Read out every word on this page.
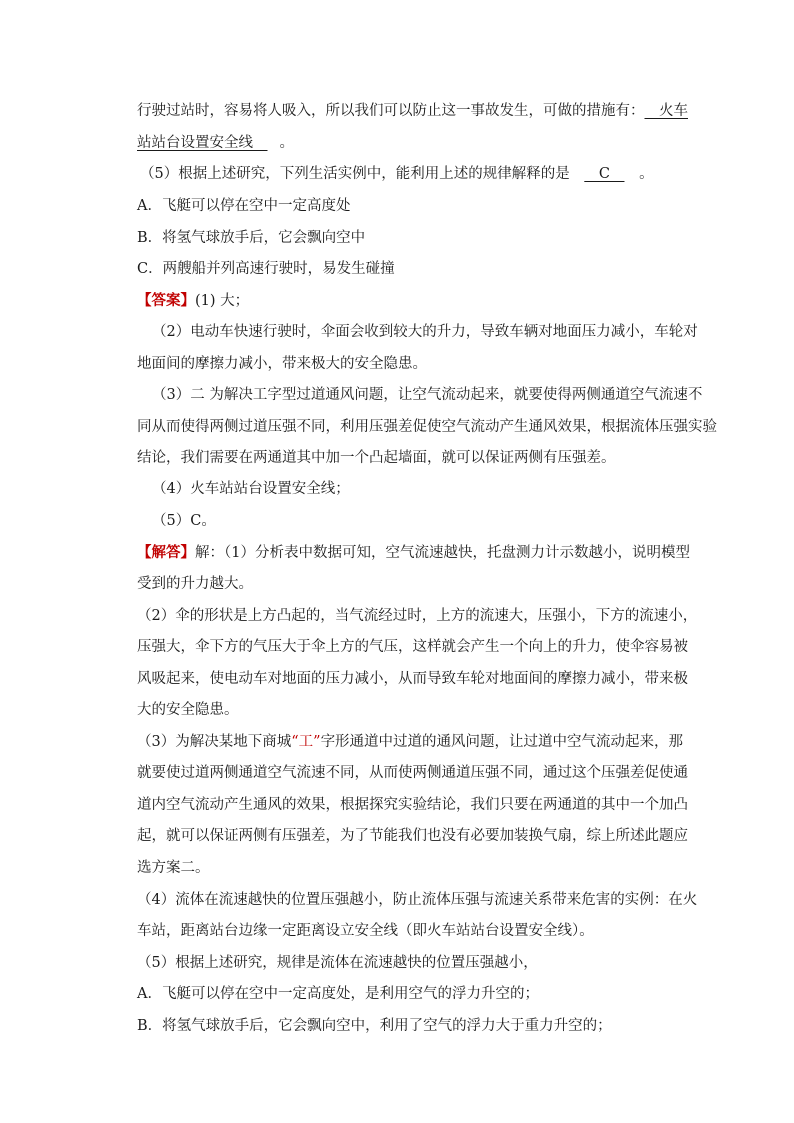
行驶过站时，容易将人吸入，所以我们可以防止这一事故发生，可做的措施有：__火车
站站台设置安全线__ 。
（5）根据上述研究，下列生活实例中，能利用上述的规律解释的是 __C__ 。
A．飞艇可以停在空中一定高度处
B．将氢气球放手后，它会飘向空中
C．两艘船并列高速行驶时，易发生碰撞
【答案】(1) 大；
（2）电动车快速行驶时，伞面会收到较大的升力，导致车辆对地面压力减小，车轮对
地面间的摩擦力减小，带来极大的安全隐患。
（3）二 为解决工字型过道通风问题，让空气流动起来，就要使得两侧通道空气流速不
同从而使得两侧过道压强不同，利用压强差促使空气流动产生通风效果，根据流体压强实验
结论，我们需要在两通道其中加一个凸起墙面，就可以保证两侧有压强差。
（4）火车站站台设置安全线；
（5）C。
【解答】解：（1）分析表中数据可知，空气流速越快，托盘测力计示数越小，说明模型
受到的升力越大。
（2）伞的形状是上方凸起的，当气流经过时，上方的流速大，压强小，下方的流速小，
压强大，伞下方的气压大于伞上方的气压，这样就会产生一个向上的升力，使伞容易被
风吸起来，使电动车对地面的压力减小，从而导致车轮对地面间的摩擦力减小，带来极
大的安全隐患。
（3）为解决某地下商城“工”字形通道中过道的通风问题，让过道中空气流动起来，那
就要使过道两侧通道空气流速不同，从而使两侧通道压强不同，通过这个压强差促使通
道内空气流动产生通风的效果，根据探究实验结论，我们只要在两通道的其中一个加凸
起，就可以保证两侧有压强差，为了节能我们也没有必要加装换气扇，综上所述此题应
选方案二。
（4）流体在流速越快的位置压强越小，防止流体压强与流速关系带来危害的实例：在火
车站，距离站台边缘一定距离设立安全线（即火车站站台设置安全线）。
（5）根据上述研究，规律是流体在流速越快的位置压强越小，
A．飞艇可以停在空中一定高度处，是利用空气的浮力升空的；
B．将氢气球放手后，它会飘向空中，利用了空气的浮力大于重力升空的；
